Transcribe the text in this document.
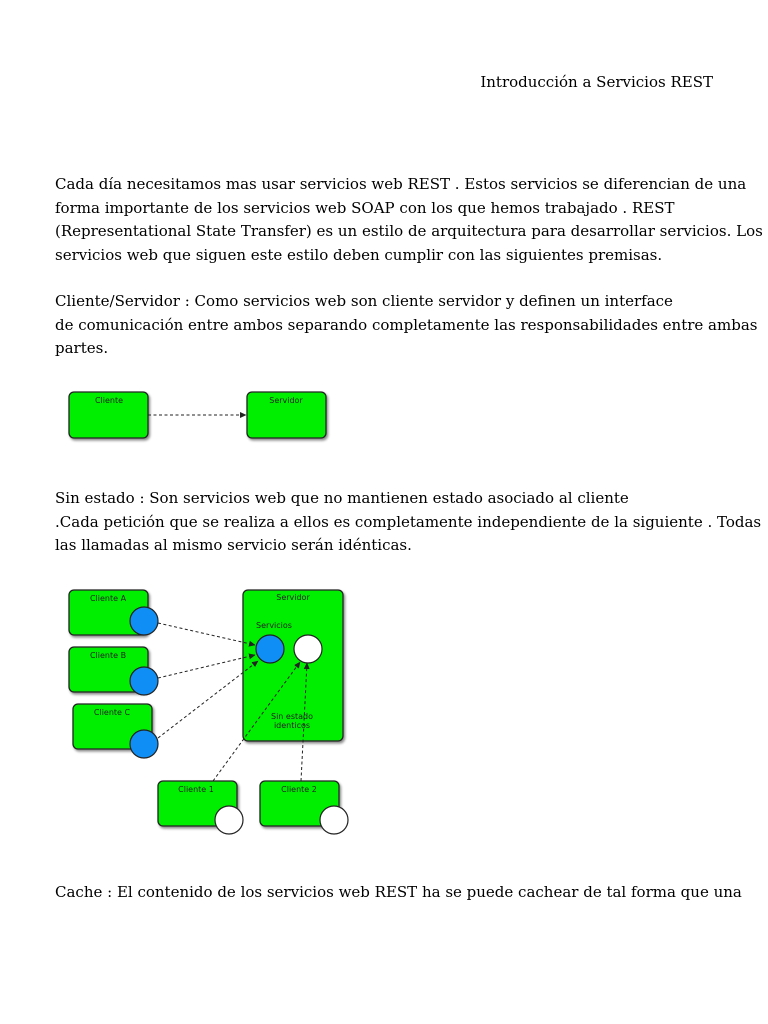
Introducción a Servicios REST

Cada día necesitamos mas usar servicios web REST . Estos servicios se diferencian de una
forma importante de los servicios web SOAP con los que hemos trabajado . REST
(Representational State Transfer) es un estilo de arquitectura para desarrollar servicios. Los
servicios web que siguen este estilo deben cumplir con las siguientes premisas.

Cliente/Servidor : Como servicios web son cliente servidor y definen un interface
de comunicación entre ambos separando completamente las responsabilidades entre ambas
partes.

Cliente	Servidor

Sin estado : Son servicios web que no mantienen estado asociado al cliente
.Cada petición que se realiza a ellos es completamente independiente de la siguiente . Todas
las llamadas al mismo servicio serán idénticas.

Servidor
Servicios
Sin estado
identicos
Cliente A
Cliente B
Cliente C
Cliente 1	Cliente 2

Cache : El contenido de los servicios web REST ha se puede cachear de tal forma que una
